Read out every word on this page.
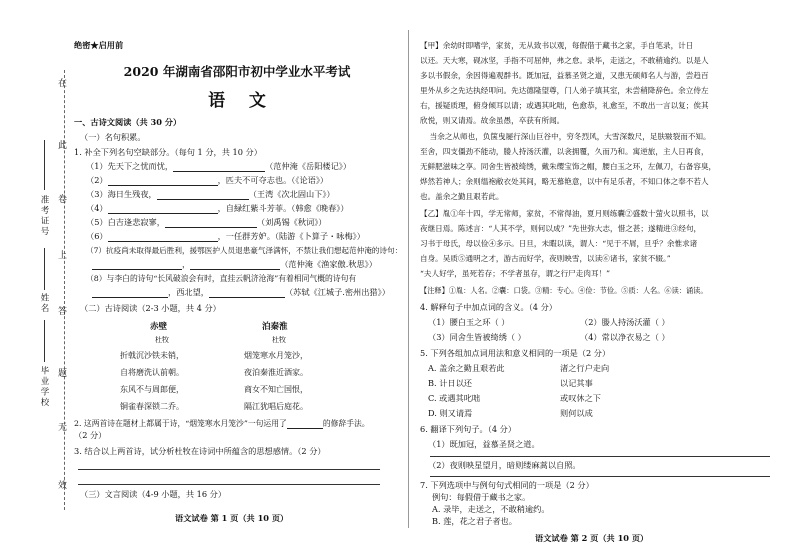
绝密★启用前
在
此
卷
上
答
题
无
效
准考证号
姓名
毕业学校
2020 年湖南省邵阳市初中学业水平考试
语    文
一、古诗文阅读（共 30 分）
（一）名句积累。
1. 补全下列名句空缺部分。（每句 1 分，共 10 分）
（1）先天下之忧而忧，	（范仲淹《岳阳楼记》）
（2）	，匹夫不可夺志也。（《论语》）
（3）海日生残夜，	（王湾《次北固山下》）
（4）	，自緑红紫斗芳菲。（韩愈《晚春》）
（5）白吉逢悲寂寥，	（刘禹锡《秋词》）
（6）	，一任群芳妒。（陆游《卜算子・咏梅》）
（7）抗疫尚未取得最后胜利，援鄂医护人员退患豪气泽满怀，不禁让我们想起范仲淹的诗句：
，	（范仲淹《渔家傲.秋思》）
（8）与李白的诗句“长风破浪会有时，直挂云帆济沧海”有着相同气概的诗句有
，西北望，	（苏轼《江城子.密州出猎》）
（二）古诗阅读（2-3 小题，共 4 分）
赤壁
杜牧
折戟沉沙铁未销，
自将磨洗认前朝。
东风不与周郎便，
铜雀春深锁二乔。
泊秦淮
杜牧
烟笼寒水月笼沙，
夜泊秦淮近酒家。
商女不知亡国恨，
隔江犹唱后庭花。
2. 这两首诗在题材上都属于诗，“烟笼寒水月笼沙”一句运用了	的修辞手法。
（2 分）
3. 结合以上两首诗，试分析杜牧在诗词中所蕴含的思想感情。（2 分）
（三）文言阅读（4-9 小题，共 16 分）
语文试卷 第 1 页（共 10 页）
【甲】余幼时即嗜学，家贫，无从致书以观，每假借于藏书之家，手自笔录，计日
以还。天大寒，砚冰坚，手指不可屈伸，弗之怠。录毕，走送之，不敢稍逾约。以是人
多以书假余，余因得遍观群书。既加冠，益慕圣贤之道，又患无硕师名人与游，尝趋百
里外从乡之先达执经叩问。先达德隆望尊，门人弟子填其室，未尝稍降辞色。余立侍左
右，援疑质理，俯身倾耳以请；或遇其叱咄，色愈恭，礼愈至，不敢出一言以复；俟其
欣悦，则又请焉。故余虽愚，卒获有所闻。
当余之从师也，负箧曳屣行深山巨谷中，穷冬烈风，大雪深数尺，足肤皲裂而不知。
至舍，四支僵劲不能动，媵人持汤沃灌，以衾拥覆，久而乃和。寓逆旅，主人日再食，
无鲜肥滋味之享。同舍生皆被绮绣，戴朱缨宝饰之帽，腰白玉之环，左佩刀，右备容臭，
烨然若神人；余则缊袍敝衣处其间，略无慕艳意，以中有足乐者，不知口体之奉不若人
也。盖余之勤且艰若此。
【乙】胤①年十四，学无常师，家贫，不常得油，夏月则练囊②盛数十萤火以照书，以
夜继日焉。陈述言：“人其不学，则何以成？”先世弥大志，惜之甚；遂精进③经句，
习书于母氏，母以俭④多示。日旦，未暇以读，谓人：“见于不屑，旦乎？余惟求诸
自身。吴质⑤通明之才，游古而好学，夜则映雪，以读⑥诸书，家贫不辍。”
“夫人好学，虽死若存；不学者虽存，谓之行尸走肉耳！”
【注释】①胤：人名。②囊：口袋。③精：专心。④俭：节俭。⑤质：人名。⑥读：诵读。
4. 解释句子中加点词的含义。（4 分）
（1）腰白玉之环（ ）	（2）媵人持汤沃灌（ ）
（3）同舍生皆被绮绣（ ）	（4）常以净衣易之（ ）
5. 下列各组加点词用法和意义相同的一项是（2 分）
A. 盖余之勤且艰若此	渚之行户走向
B. 计日以还	以记其事
C. 或遇其叱咄	或叹休之下
D. 则又请焉	则何以成
6. 翻译下列句子。（4 分）
（1）既加冠，益慕圣贤之道。
（2）夜则映星望月，暗则缕麻蒿以自照。
7. 下列选项中与例句句式相同的一项是（2 分）
例句：每假借于藏书之家。
A. 录毕，走送之，不敢稍逾约。
B. 莲，花之君子者也。
语文试卷 第 2 页（共 10 页）
